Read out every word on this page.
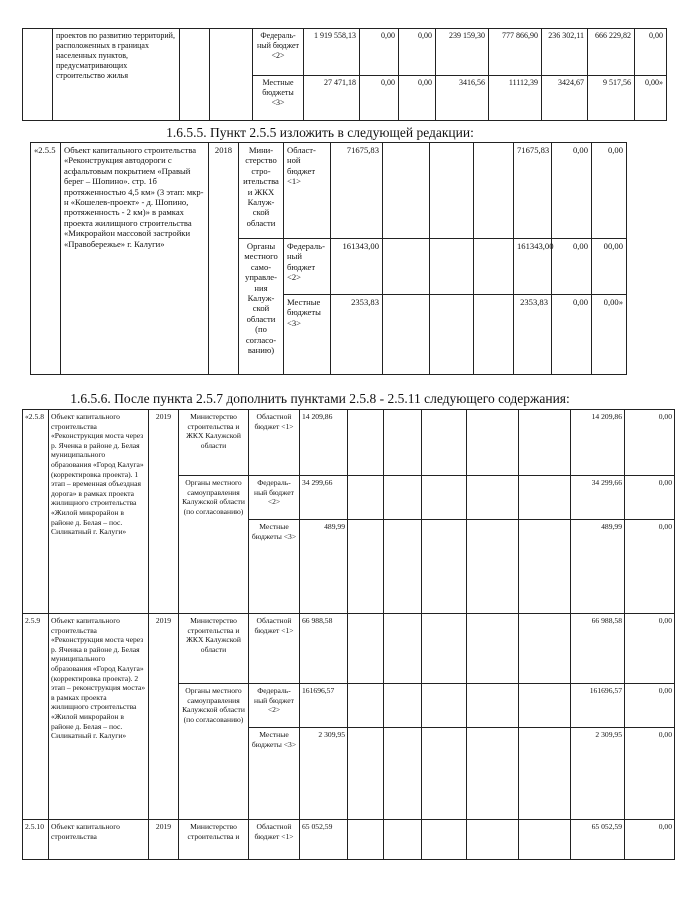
	проектов по развитию территорий, расположенных в границах населенных пунктов, предусматривающих строительство жилья			Федераль-ный бюджет <2>	1 919 558,13	0,00	0,00	239 159,30	777 866,90	236 302,11	666 229,82	0,00
				Местные бюджеты <3>	27 471,18	0,00	0,00	3416,56	11112,39	3424,67	9 517,56	0,00»
1.6.5.5. Пункт 2.5.5 изложить в следующей редакции:
«2.5.5	Объект капитального строительства «Реконструкция автодороги с асфальтовым покрытием «Правый берег – Шопино». стр. 1б протяженностью 4,5 км» (3 этап: мкр-н «Кошелев-проект» - д. Шопино, протяженность - 2 км)» в рамках проекта жилищного строительства «Микрорайон массовой застройки «Правобережье» г. Калуги»	2018	Мини-стерство стро-ительства и ЖКХ Калуж-ской области	Област-ной бюджет <1>	71675,83				71675,83	0,00	0,00
			Органы местного само-управле-ния Калуж-ской области (по согласо-ванию)	Федераль-ный бюджет <2>	161343,00				161343,00	0,00	00,00
				Местные бюджеты <3>	2353,83				2353,83	0,00	0,00»
1.6.5.6. После пункта 2.5.7 дополнить пунктами 2.5.8 - 2.5.11 следующего содержания:
«2.5.8	Объект капитального строительства «Реконструкция моста через р. Яченка в районе д. Белая муниципального образования «Город Калуга» (корректировка проекта). 1 этап – временная объездная дорога» в рамках проекта жилищного строительства «Жилой микрорайон в районе д. Белая – пос. Силикатный г. Калуги»	2019	Министерство строительства и ЖКХ Калужской области	Областной бюджет <1>	14 209,86						14 209,86	0,00
			Органы местного самоуправления Калужской области (по согласованию)	Федераль-ный бюджет <2>	34 299,66						34 299,66	0,00
				Местные бюджеты <3>	489,99						489,99	0,00
2.5.9	Объект капитального строительства «Реконструкция моста через р. Яченка в районе д. Белая муниципального образования «Город Калуга» (корректировка проекта). 2 этап – реконструкция моста» в рамках проекта жилищного строительства «Жилой микрорайон в районе д. Белая – пос. Силикатный г. Калуги»	2019	Министерство строительства и ЖКХ Калужской области	Областной бюджет <1>	66 988,58						66 988,58	0,00
			Органы местного самоуправления Калужской области (по согласованию)	Федераль-ный бюджет <2>	161696,57						161696,57	0,00
				Местные бюджеты <3>	2 309,95						2 309,95	0,00
2.5.10	Объект капитального строительства	2019	Министерство строительства и	Областной бюджет <1>	65 052,59						65 052,59	0,00
